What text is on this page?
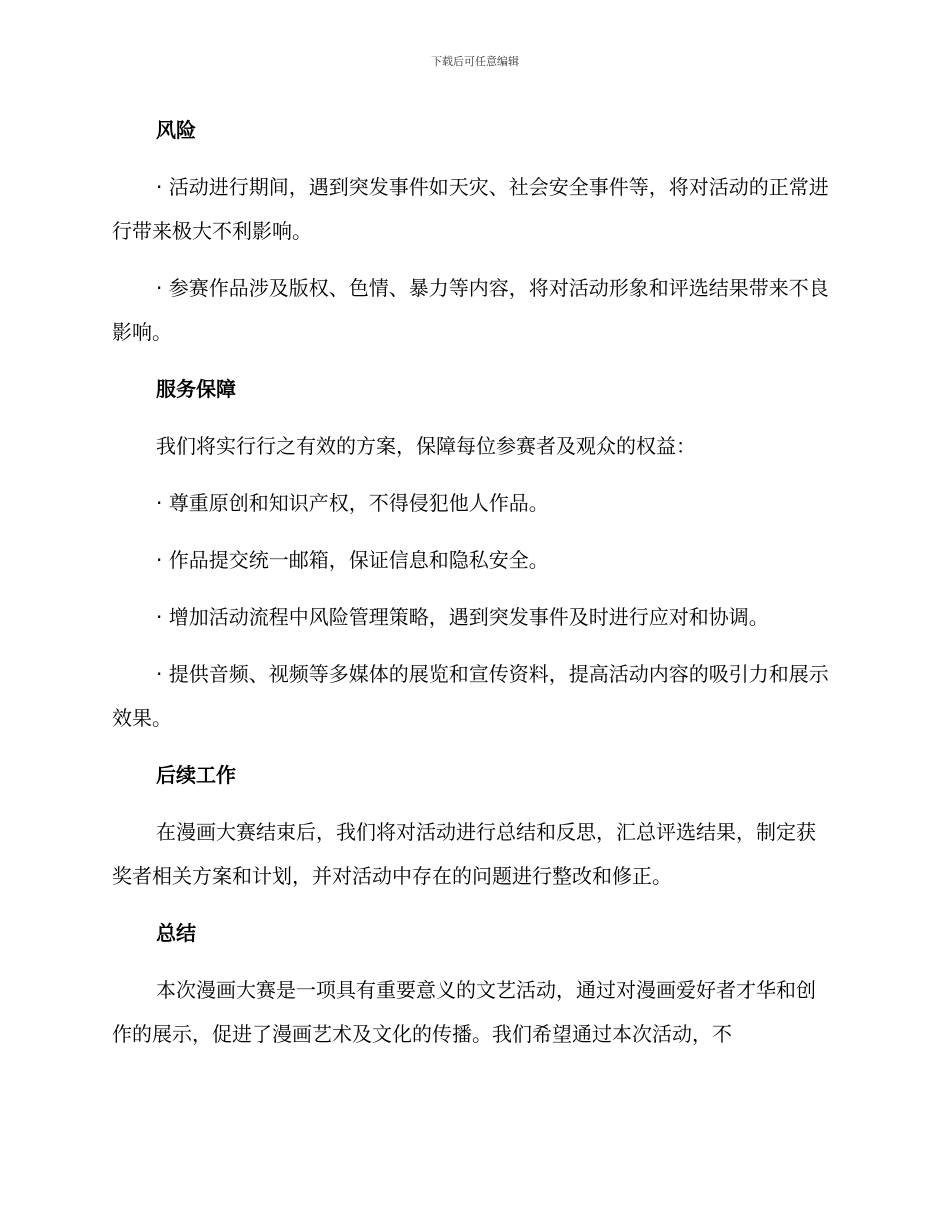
下载后可任意编辑
风险

· 活动进行期间，遇到突发事件如天灾、社会安全事件等，将对活动的正常进行带来极大不利影响。

· 参赛作品涉及版权、色情、暴力等内容，将对活动形象和评选结果带来不良影响。

服务保障

我们将实行行之有效的方案，保障每位参赛者及观众的权益：

· 尊重原创和知识产权，不得侵犯他人作品。

· 作品提交统一邮箱，保证信息和隐私安全。

· 增加活动流程中风险管理策略，遇到突发事件及时进行应对和协调。

· 提供音频、视频等多媒体的展览和宣传资料，提高活动内容的吸引力和展示效果。

后续工作

在漫画大赛结束后，我们将对活动进行总结和反思，汇总评选结果，制定获奖者相关方案和计划，并对活动中存在的问题进行整改和修正。

总结

本次漫画大赛是一项具有重要意义的文艺活动，通过对漫画爱好者才华和创作的展示，促进了漫画艺术及文化的传播。我们希望通过本次活动，不
